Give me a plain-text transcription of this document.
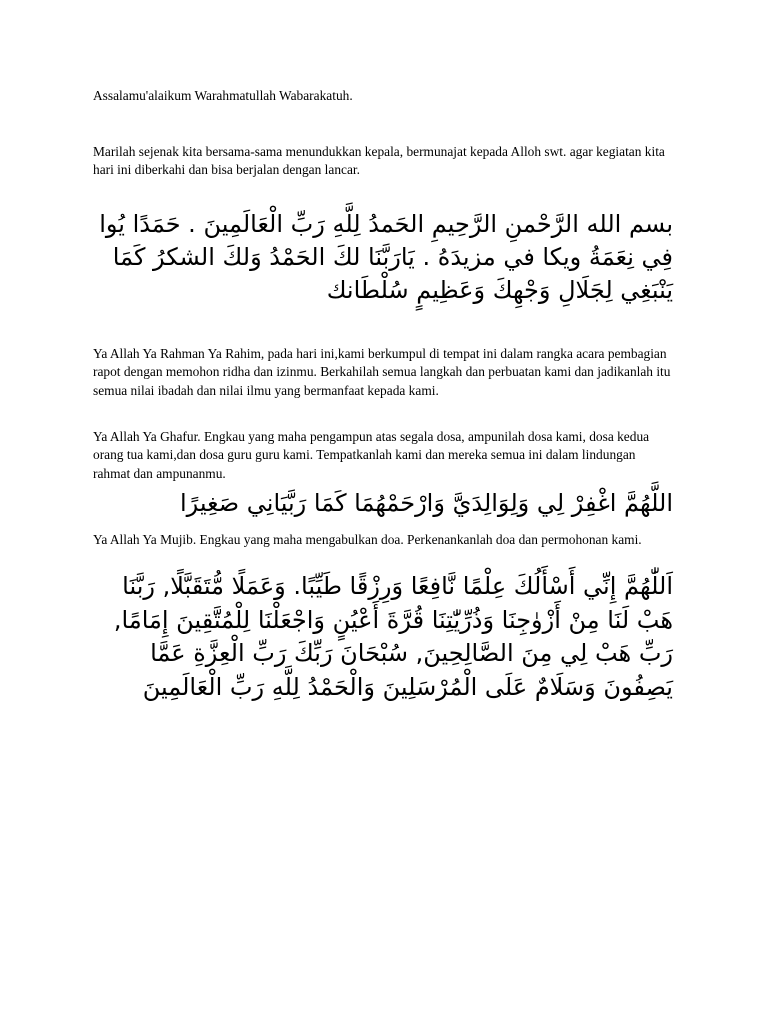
Assalamu'alaikum Warahmatullah Wabarakatuh.

Marilah sejenak kita bersama-sama menundukkan kepala, bermunajat kepada Alloh swt. agar kegiatan kita hari ini diberkahi dan bisa berjalan dengan lancar.

بسم الله الرَّحْمنِ الرَّحِيمِ الحَمدُ لِلَّهِ رَبِّ الْعَالَمِينَ . حَمَدًا يُوا فِي نِعَمَةُ ويكا في مزيدَهُ . يَارَبَّنَا لكَ الحَمْدُ وَلكَ الشكرُ كَمَا يَنْبَغِي لِجَلَالِ وَجْهِكَ وَعَظِيمٍ سُلْطَانك

Ya Allah Ya Rahman Ya Rahim, pada hari ini,kami berkumpul di tempat ini dalam rangka acara pembagian rapot dengan memohon ridha dan izinmu. Berkahilah semua langkah dan perbuatan kami dan jadikanlah itu semua nilai ibadah dan nilai ilmu yang bermanfaat kepada kami.

Ya Allah Ya Ghafur. Engkau yang maha pengampun atas segala dosa, ampunilah dosa kami, dosa kedua orang tua kami,dan dosa guru guru kami. Tempatkanlah kami dan mereka semua ini dalam lindungan rahmat dan ampunanmu.

اللَّهُمَّ اغْفِرْ لِي وَلِوَالِدَيَّ وَارْحَمْهُمَا كَمَا رَبَّيَانِي صَغِيرًا

Ya Allah Ya Mujib. Engkau yang maha mengabulkan doa. Perkenankanlah doa dan permohonan kami.

اَللّٰهُمَّ إِنِّي أَسْأَلُكَ عِلْمًا نَّافِعًا وَرِزْقًا طَيِّبًا. وَعَمَلًا مُّتَقَبَّلًا, رَبَّنَا هَبْ لَنَا مِنْ أَزْوٰجِنَا وَذُرِّيّٰتِنَا قُرَّةَ أَعْيُنٍ وَاجْعَلْنَا لِلْمُتَّقِينَ إِمَامًا, رَبِّ هَبْ لِي مِنَ الصَّالِحِينَ, سُبْحَانَ رَبِّكَ رَبِّ الْعِزَّةِ عَمَّا يَصِفُونَ وَسَلَامٌ عَلَى الْمُرْسَلِينَ وَالْحَمْدُ لِلَّهِ رَبِّ الْعَالَمِينَ
